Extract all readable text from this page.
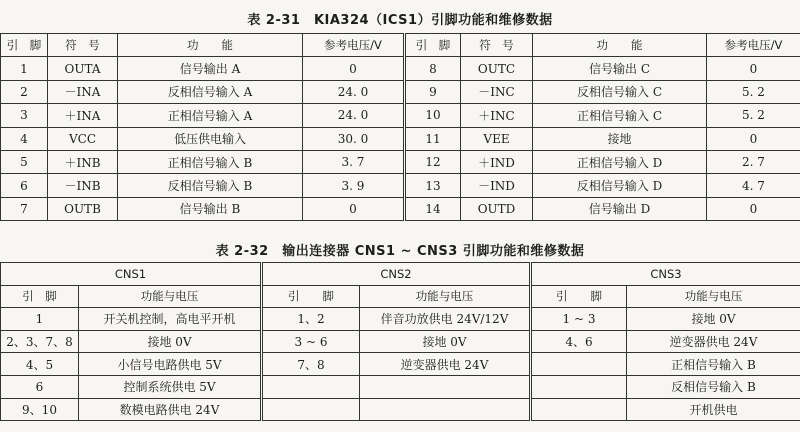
表 2-31　KIA324（ICS1）引脚功能和维修数据
引　脚	符　号	功　　能	参考电压/V	引　脚	符　号	功　　能	参考电压/V
1	OUTA	信号输出 A	0	8	OUTC	信号输出 C	0
2	－INA	反相信号输入 A	24. 0	9	－INC	反相信号输入 C	5. 2
3	＋INA	正相信号输入 A	24. 0	10	＋INC	正相信号输入 C	5. 2
4	VCC	低压供电输入	30. 0	11	VEE	接地	0
5	＋INB	正相信号输入 B	3. 7	12	＋IND	正相信号输入 D	2. 7
6	－INB	反相信号输入 B	3. 9	13	－IND	反相信号输入 D	4. 7
7	OUTB	信号输出 B	0	14	OUTD	信号输出 D	0
表 2-32　输出连接器 CNS1 ~ CNS3 引脚功能和维修数据
CNS1		CNS2		CNS3	
引　脚	功能与电压	引　　脚	功能与电压	引　　脚	功能与电压
1	开关机控制，高电平开机	1、2	伴音功放供电 24V/12V	1 ~ 3	接地 0V
2、3、7、8	接地 0V	3 ~ 6	接地 0V	4、6	逆变器供电 24V
4、5	小信号电路供电 5V	7、8	逆变器供电 24V		正相信号输入 B
6	控制系统供电 5V				反相信号输入 B
9、10	数模电路供电 24V				开机供电
